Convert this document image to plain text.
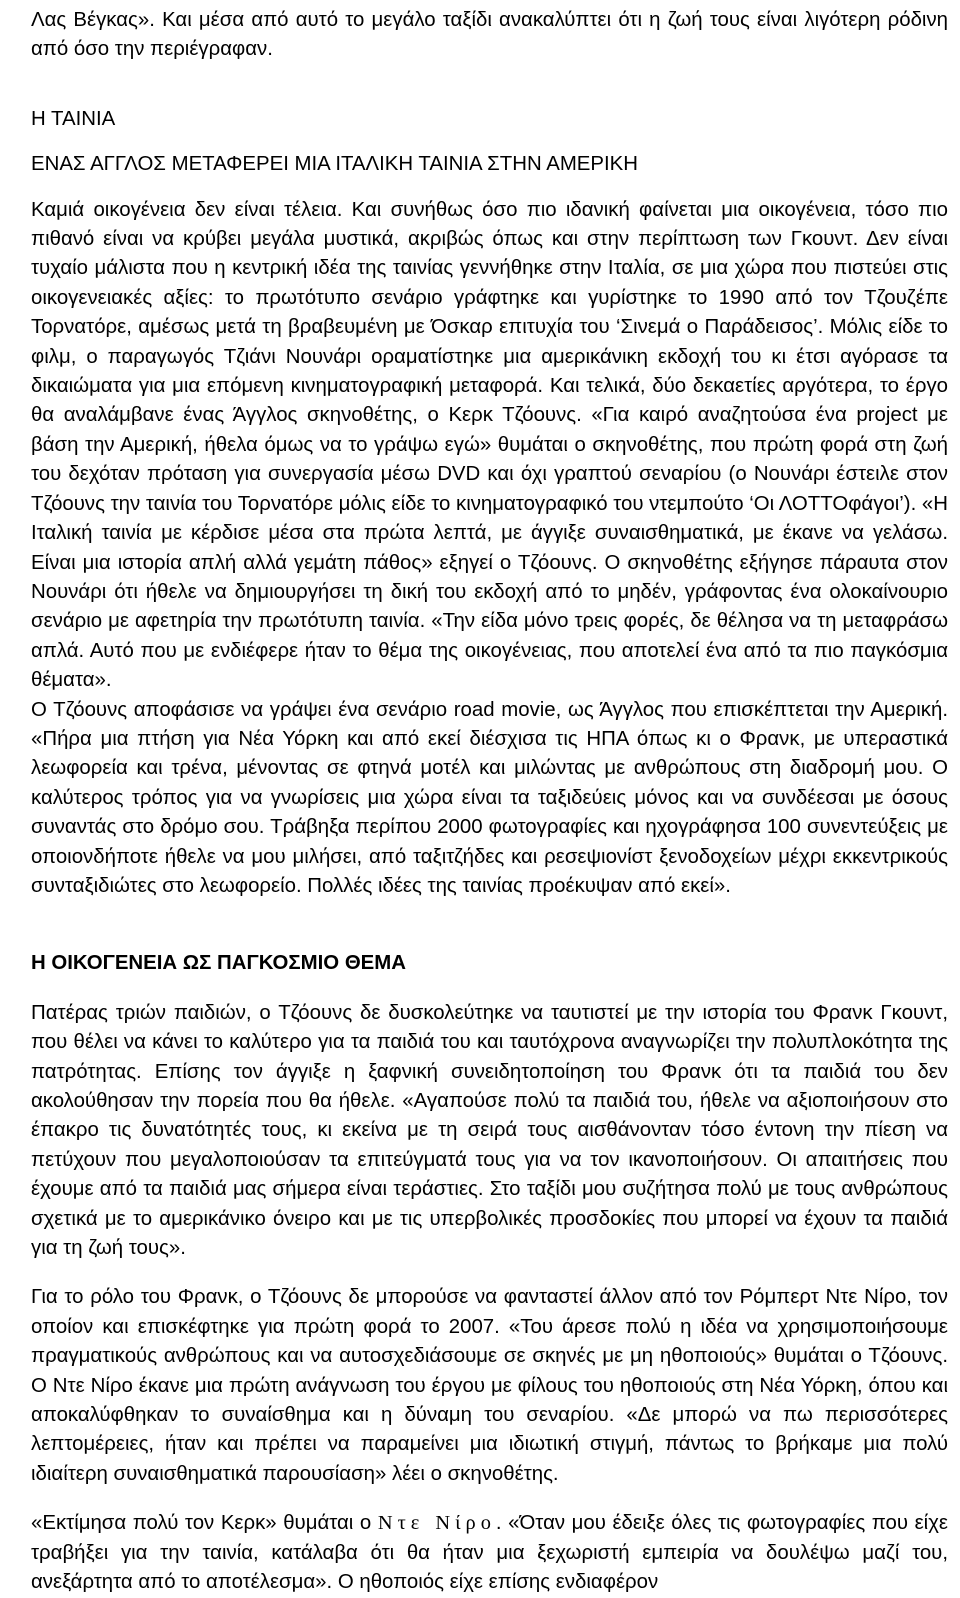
Λας Βέγκας». Και μέσα από αυτό το μεγάλο ταξίδι ανακαλύπτει ότι η ζωή τους είναι λιγότερη ρόδινη από όσο την περιέγραφαν.

Η ΤΑΙΝΙΑ

ΕΝΑΣ ΑΓΓΛΟΣ ΜΕΤΑΦΕΡΕΙ ΜΙΑ ΙΤΑΛΙΚΗ ΤΑΙΝΙΑ ΣΤΗΝ ΑΜΕΡΙΚΗ

Καμιά οικογένεια δεν είναι τέλεια. Και συνήθως όσο πιο ιδανική φαίνεται μια οικογένεια, τόσο πιο πιθανό είναι να κρύβει μεγάλα μυστικά, ακριβώς όπως και στην περίπτωση των Γκουντ. Δεν είναι τυχαίο μάλιστα που η κεντρική ιδέα της ταινίας γεννήθηκε στην Ιταλία, σε μια χώρα που πιστεύει στις οικογενειακές αξίες: το πρωτότυπο σενάριο γράφτηκε και γυρίστηκε το 1990 από τον Τζουζέπε Τορνατόρε, αμέσως μετά τη βραβευμένη με Όσκαρ επιτυχία του ‘Σινεμά ο Παράδεισος’. Μόλις είδε το φιλμ, ο παραγωγός Τζιάνι Νουνάρι οραματίστηκε μια αμερικάνικη εκδοχή του κι έτσι αγόρασε τα δικαιώματα για μια επόμενη κινηματογραφική μεταφορά. Και τελικά, δύο δεκαετίες αργότερα, το έργο θα αναλάμβανε ένας Άγγλος σκηνοθέτης, ο Κερκ Τζόουνς. «Για καιρό αναζητούσα ένα project με βάση την Αμερική, ήθελα όμως να το γράψω εγώ» θυμάται ο σκηνοθέτης, που πρώτη φορά στη ζωή του δεχόταν πρόταση για συνεργασία μέσω DVD και όχι γραπτού σεναρίου (ο Νουνάρι έστειλε στον Τζόουνς την ταινία του Τορνατόρε μόλις είδε το κινηματογραφικό του ντεμπούτο ‘Οι ΛΟΤΤΟφάγοι’). «Η Ιταλική ταινία με κέρδισε μέσα στα πρώτα λεπτά, με άγγιξε συναισθηματικά, με έκανε να γελάσω. Είναι μια ιστορία απλή αλλά γεμάτη πάθος» εξηγεί ο Τζόουνς. Ο σκηνοθέτης εξήγησε πάραυτα στον Νουνάρι ότι ήθελε να δημιουργήσει τη δική του εκδοχή από το μηδέν, γράφοντας ένα ολοκαίνουριο σενάριο με αφετηρία την πρωτότυπη ταινία. «Την είδα μόνο τρεις φορές, δε θέλησα να τη μεταφράσω απλά. Αυτό που με ενδιέφερε ήταν το θέμα της οικογένειας, που αποτελεί ένα από τα πιο παγκόσμια θέματα».

Ο Τζόουνς αποφάσισε να γράψει ένα σενάριο road movie, ως Άγγλος που επισκέπτεται την Αμερική. «Πήρα μια πτήση για Νέα Υόρκη και από εκεί διέσχισα τις ΗΠΑ όπως κι ο Φρανκ, με υπεραστικά λεωφορεία και τρένα, μένοντας σε φτηνά μοτέλ και μιλώντας με ανθρώπους στη διαδρομή μου. Ο καλύτερος τρόπος για να γνωρίσεις μια χώρα είναι τα ταξιδεύεις μόνος και να συνδέεσαι με όσους συναντάς στο δρόμο σου. Τράβηξα περίπου 2000 φωτογραφίες και ηχογράφησα 100 συνεντεύξεις με οποιονδήποτε ήθελε να μου μιλήσει, από ταξιτζήδες και ρεσεψιονίστ ξενοδοχείων μέχρι εκκεντρικούς συνταξιδιώτες στο λεωφορείο. Πολλές ιδέες της ταινίας προέκυψαν από εκεί».

Η ΟΙΚΟΓΕΝΕΙΑ ΩΣ ΠΑΓΚΟΣΜΙΟ ΘΕΜΑ

Πατέρας τριών παιδιών, ο Τζόουνς δε δυσκολεύτηκε να ταυτιστεί με την ιστορία του Φρανκ Γκουντ, που θέλει να κάνει το καλύτερο για τα παιδιά του και ταυτόχρονα αναγνωρίζει την πολυπλοκότητα της πατρότητας. Επίσης τον άγγιξε η ξαφνική συνειδητοποίηση του Φρανκ ότι τα παιδιά του δεν ακολούθησαν την πορεία που θα ήθελε. «Αγαπούσε πολύ τα παιδιά του, ήθελε να αξιοποιήσουν στο έπακρο τις δυνατότητές τους, κι εκείνα με τη σειρά τους αισθάνονταν τόσο έντονη την πίεση να πετύχουν που μεγαλοποιούσαν τα επιτεύγματά τους για να τον ικανοποιήσουν. Οι απαιτήσεις που έχουμε από τα παιδιά μας σήμερα είναι τεράστιες. Στο ταξίδι μου συζήτησα πολύ με τους ανθρώπους σχετικά με το αμερικάνικο όνειρο και με τις υπερβολικές προσδοκίες που μπορεί να έχουν τα παιδιά για τη ζωή τους».

Για το ρόλο του Φρανκ, ο Τζόουνς δε μπορούσε να φανταστεί άλλον από τον Ρόμπερτ Ντε Νίρο, τον οποίον και επισκέφτηκε για πρώτη φορά το 2007. «Του άρεσε πολύ η ιδέα να χρησιμοποιήσουμε πραγματικούς ανθρώπους και να αυτοσχεδιάσουμε σε σκηνές με μη ηθοποιούς» θυμάται ο Τζόουνς. Ο Ντε Νίρο έκανε μια πρώτη ανάγνωση του έργου με φίλους του ηθοποιούς στη Νέα Υόρκη, όπου και αποκαλύφθηκαν το συναίσθημα και η δύναμη του σεναρίου. «Δε μπορώ να πω περισσότερες λεπτομέρειες, ήταν και πρέπει να παραμείνει μια ιδιωτική στιγμή, πάντως το βρήκαμε μια πολύ ιδιαίτερη συναισθηματικά παρουσίαση» λέει ο σκηνοθέτης.

«Εκτίμησα πολύ τον Κερκ» θυμάται ο Ντε Νίρο. «Όταν μου έδειξε όλες τις φωτογραφίες που είχε τραβήξει για την ταινία, κατάλαβα ότι θα ήταν μια ξεχωριστή εμπειρία να δουλέψω μαζί του, ανεξάρτητα από το αποτέλεσμα». Ο ηθοποιός είχε επίσης ενδιαφέρον
